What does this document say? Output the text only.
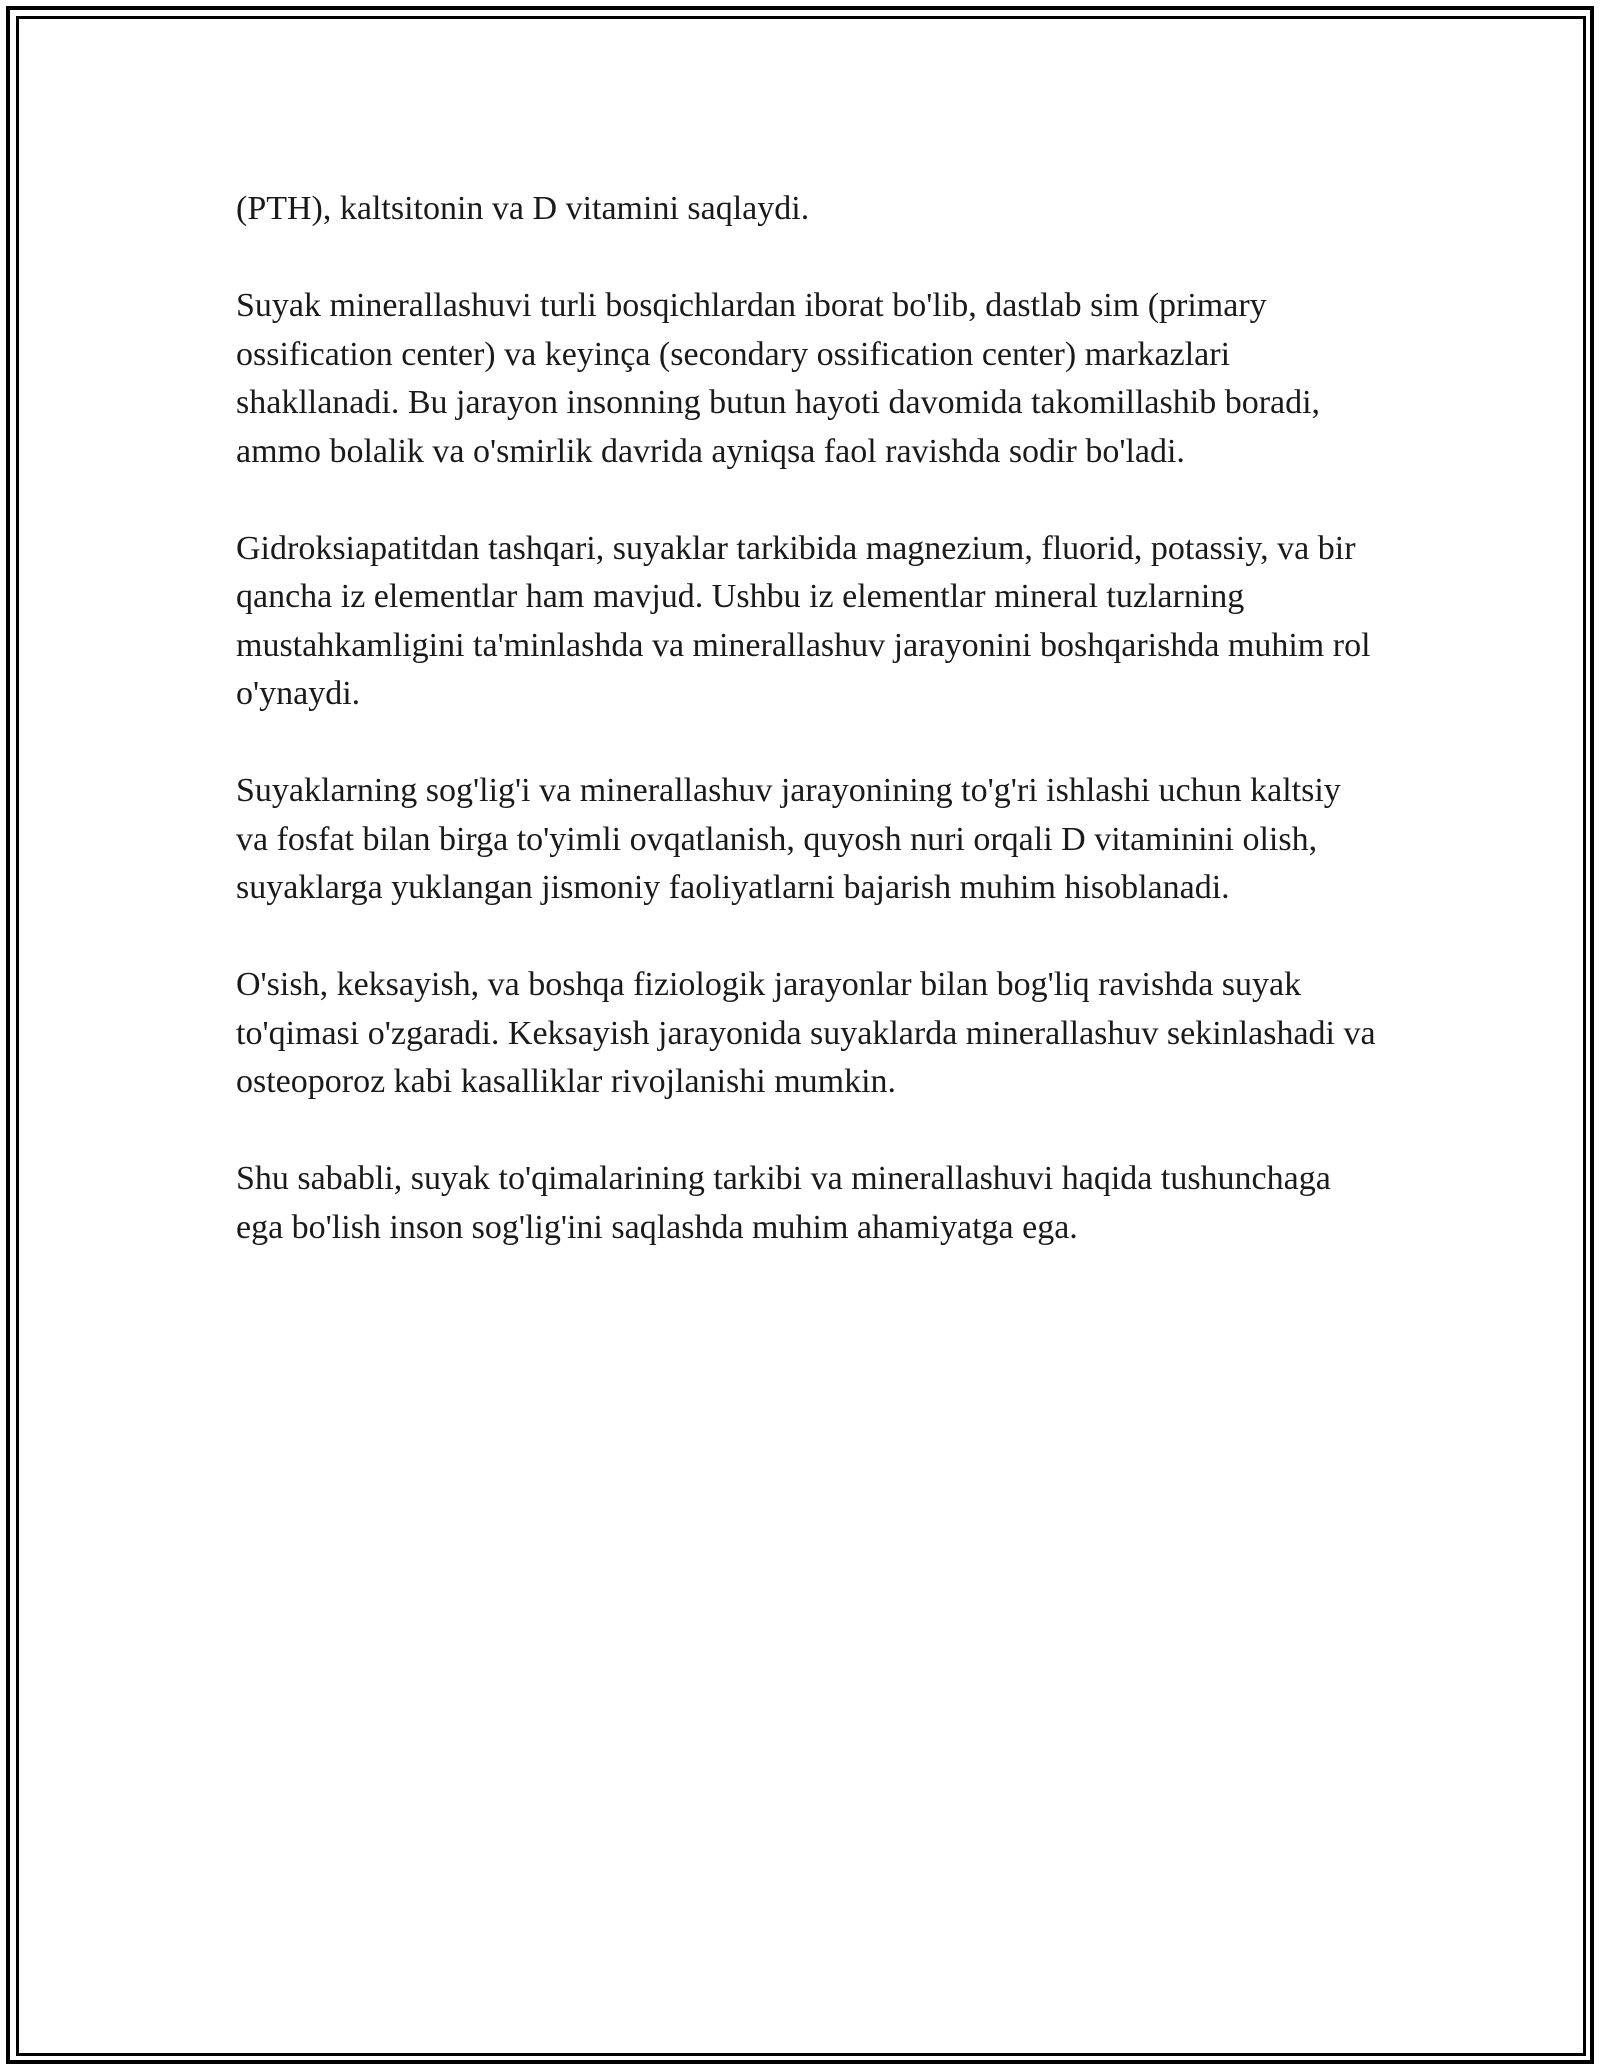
(PTH), kaltsitonin va D vitamini saqlaydi.

Suyak minerallashuvi turli bosqichlardan iborat bo'lib, dastlab sim (primary ossification center) va keyinça (secondary ossification center) markazlari shakllanadi. Bu jarayon insonning butun hayoti davomida takomillashib boradi, ammo bolalik va o'smirlik davrida ayniqsa faol ravishda sodir bo'ladi.

Gidroksiapatitdan tashqari, suyaklar tarkibida magnezium, fluorid, potassiy, va bir qancha iz elementlar ham mavjud. Ushbu iz elementlar mineral tuzlarning mustahkamligini ta'minlashda va minerallashuv jarayonini boshqarishda muhim rol o'ynaydi.

Suyaklarning sog'lig'i va minerallashuv jarayonining to'g'ri ishlashi uchun kaltsiy va fosfat bilan birga to'yimli ovqatlanish, quyosh nuri orqali D vitaminini olish, suyaklarga yuklangan jismoniy faoliyatlarni bajarish muhim hisoblanadi.

O'sish, keksayish, va boshqa fiziologik jarayonlar bilan bog'liq ravishda suyak to'qimasi o'zgaradi. Keksayish jarayonida suyaklarda minerallashuv sekinlashadi va osteoporoz kabi kasalliklar rivojlanishi mumkin.

Shu sababli, suyak to'qimalarining tarkibi va minerallashuvi haqida tushunchaga ega bo'lish inson sog'lig'ini saqlashda muhim ahamiyatga ega.
